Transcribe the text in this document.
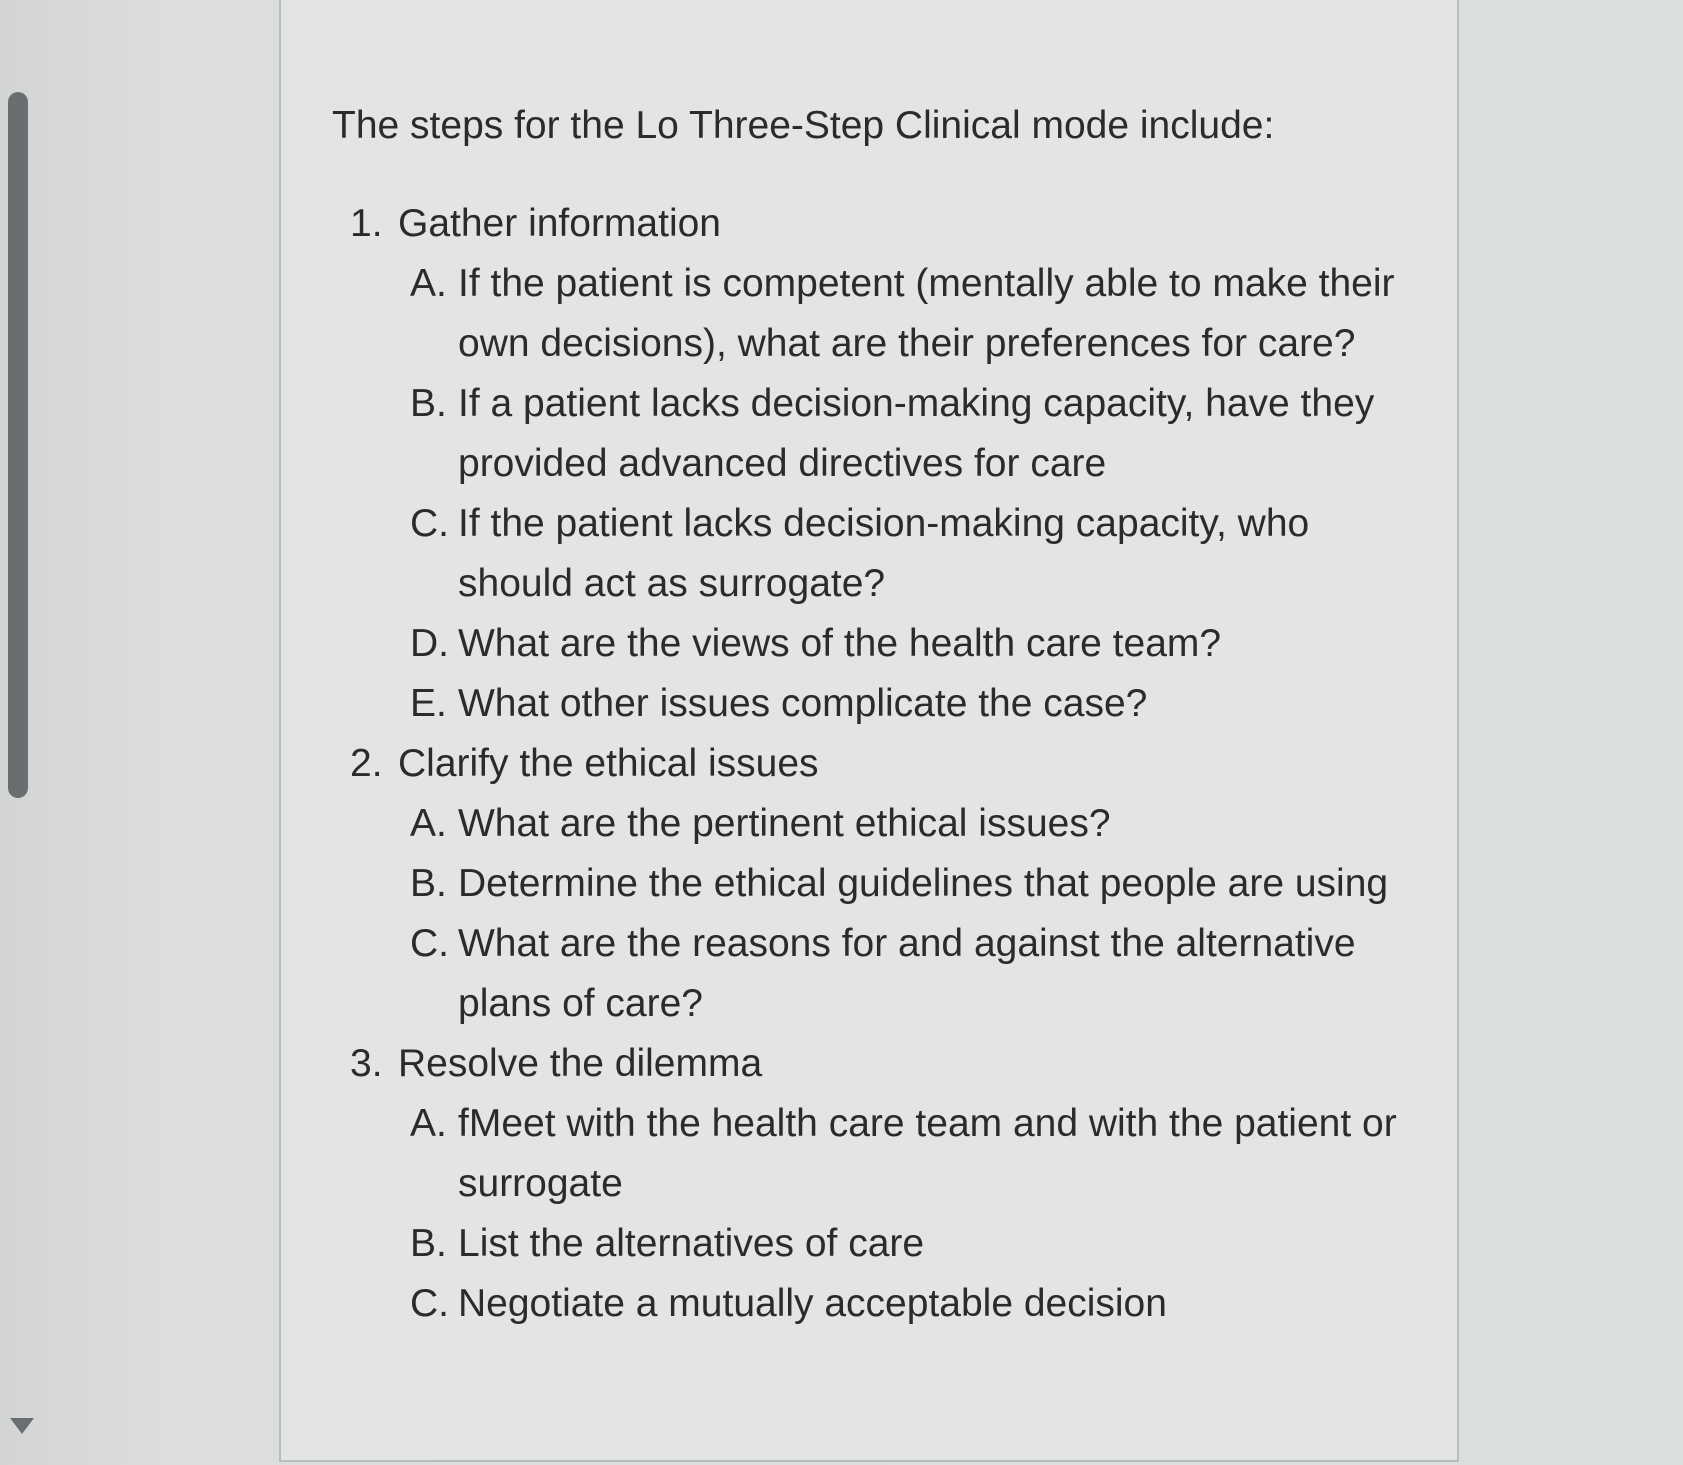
The steps for the Lo Three-Step Clinical mode include:
1. Gather information
A. If the patient is competent (mentally able to make their own decisions), what are their preferences for care?
B. If a patient lacks decision-making capacity, have they provided advanced directives for care
C. If the patient lacks decision-making capacity, who should act as surrogate?
D. What are the views of the health care team?
E. What other issues complicate the case?
2. Clarify the ethical issues
A. What are the pertinent ethical issues?
B. Determine the ethical guidelines that people are using
C. What are the reasons for and against the alternative plans of care?
3. Resolve the dilemma
A. fMeet with the health care team and with the patient or surrogate
B. List the alternatives of care
C. Negotiate a mutually acceptable decision
